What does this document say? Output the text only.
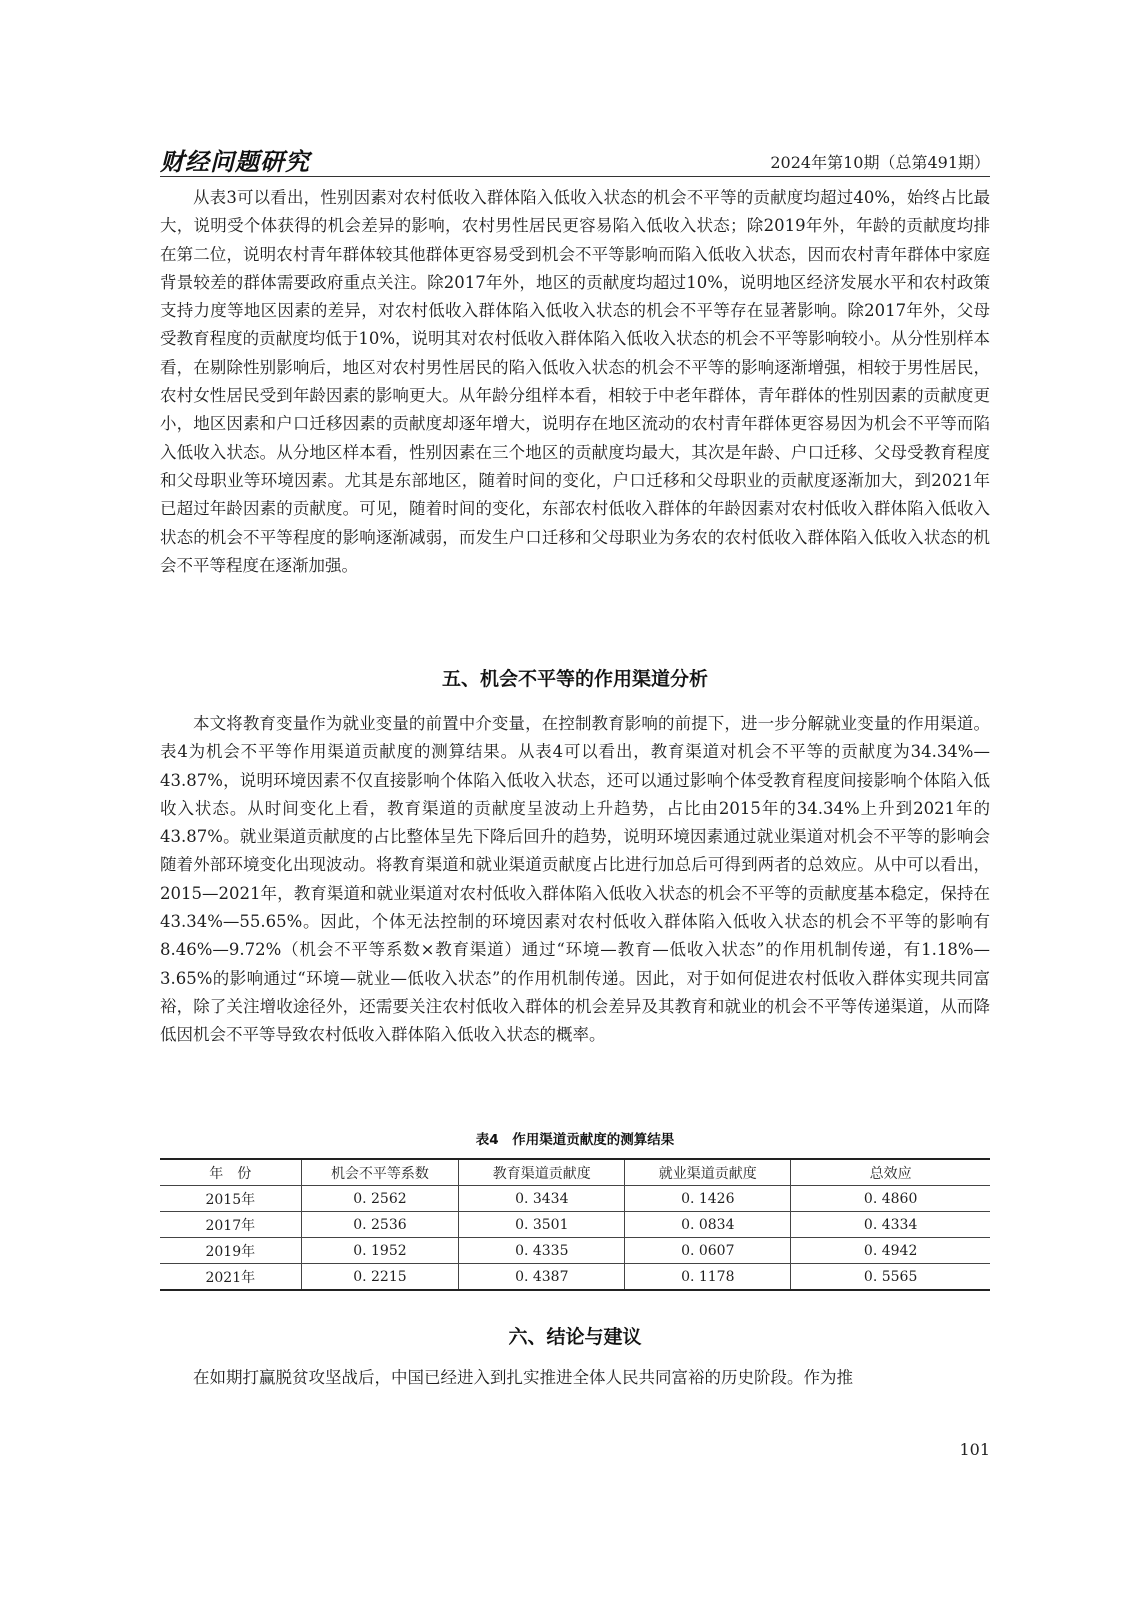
财经问题研究	2024年第10期（总第491期）

从表3可以看出，性别因素对农村低收入群体陷入低收入状态的机会不平等的贡献度均超过40%，始终占比最大，说明受个体获得的机会差异的影响，农村男性居民更容易陷入低收入状态；除2019年外，年龄的贡献度均排在第二位，说明农村青年群体较其他群体更容易受到机会不平等影响而陷入低收入状态，因而农村青年群体中家庭背景较差的群体需要政府重点关注。除2017年外，地区的贡献度均超过10%，说明地区经济发展水平和农村政策支持力度等地区因素的差异，对农村低收入群体陷入低收入状态的机会不平等存在显著影响。除2017年外，父母受教育程度的贡献度均低于10%，说明其对农村低收入群体陷入低收入状态的机会不平等影响较小。从分性别样本看，在剔除性别影响后，地区对农村男性居民的陷入低收入状态的机会不平等的影响逐渐增强，相较于男性居民，农村女性居民受到年龄因素的影响更大。从年龄分组样本看，相较于中老年群体，青年群体的性别因素的贡献度更小，地区因素和户口迁移因素的贡献度却逐年增大，说明存在地区流动的农村青年群体更容易因为机会不平等而陷入低收入状态。从分地区样本看，性别因素在三个地区的贡献度均最大，其次是年龄、户口迁移、父母受教育程度和父母职业等环境因素。尤其是东部地区，随着时间的变化，户口迁移和父母职业的贡献度逐渐加大，到2021年已超过年龄因素的贡献度。可见，随着时间的变化，东部农村低收入群体的年龄因素对农村低收入群体陷入低收入状态的机会不平等程度的影响逐渐减弱，而发生户口迁移和父母职业为务农的农村低收入群体陷入低收入状态的机会不平等程度在逐渐加强。

五、机会不平等的作用渠道分析

本文将教育变量作为就业变量的前置中介变量，在控制教育影响的前提下，进一步分解就业变量的作用渠道。表4为机会不平等作用渠道贡献度的测算结果。从表4可以看出，教育渠道对机会不平等的贡献度为34.34%—43.87%，说明环境因素不仅直接影响个体陷入低收入状态，还可以通过影响个体受教育程度间接影响个体陷入低收入状态。从时间变化上看，教育渠道的贡献度呈波动上升趋势，占比由2015年的34.34%上升到2021年的43.87%。就业渠道贡献度的占比整体呈先下降后回升的趋势，说明环境因素通过就业渠道对机会不平等的影响会随着外部环境变化出现波动。将教育渠道和就业渠道贡献度占比进行加总后可得到两者的总效应。从中可以看出，2015—2021年，教育渠道和就业渠道对农村低收入群体陷入低收入状态的机会不平等的贡献度基本稳定，保持在43.34%—55.65%。因此，个体无法控制的环境因素对农村低收入群体陷入低收入状态的机会不平等的影响有8.46%—9.72%（机会不平等系数×教育渠道）通过“环境—教育—低收入状态”的作用机制传递，有1.18%—3.65%的影响通过“环境—就业—低收入状态”的作用机制传递。因此，对于如何促进农村低收入群体实现共同富裕，除了关注增收途径外，还需要关注农村低收入群体的机会差异及其教育和就业的机会不平等传递渠道，从而降低因机会不平等导致农村低收入群体陷入低收入状态的概率。

表4　作用渠道贡献度的测算结果
年　份	机会不平等系数	教育渠道贡献度	就业渠道贡献度	总效应
2015年	0. 2562	0. 3434	0. 1426	0. 4860
2017年	0. 2536	0. 3501	0. 0834	0. 4334
2019年	0. 1952	0. 4335	0. 0607	0. 4942
2021年	0. 2215	0. 4387	0. 1178	0. 5565
六、结论与建议

在如期打赢脱贫攻坚战后，中国已经进入到扎实推进全体人民共同富裕的历史阶段。作为推

101
